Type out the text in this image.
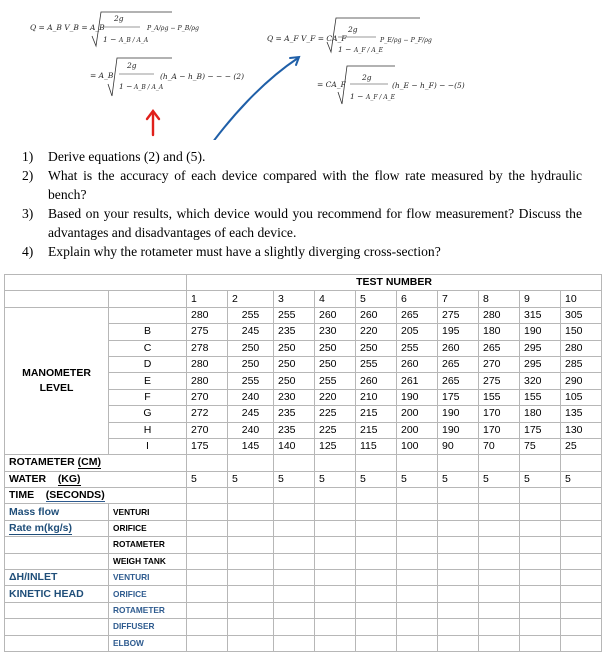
Q = A_B V_B = A_B
2g
1 − A_B / A_A
P_A/ρg − P_B/ρg
= A_B
2g
1 − A_B / A_A
(h_A − h_B) − − − (2)
Q = A_F V_F = CA_F
2g
1 − A_F / A_E
P_E/ρg − P_F/ρg
= CA_F
2g
1 − A_F / A_E
(h_E − h_F) − −(5)
1)	Derive equations (2) and (5).
2)	What is the accuracy of each device compared with the flow rate measured by the hydraulic bench?
3)	Based on your results, which device would you recommend for flow measurement? Discuss the advantages and disadvantages of each device.
4)	Explain why the rotameter must have a slightly diverging cross-section?
		TEST NUMBER									
		1	2	3	4	5	6	7	8	9	10
MANOMETER
LEVEL		280	255	255	260	260	265	275	280	315	305
	B	275	245	235	230	220	205	195	180	190	150
	C	278	250	250	250	250	255	260	265	295	280
	D	280	250	250	250	255	260	265	270	295	285
	E	280	255	250	255	260	261	265	275	320	290
	F	270	240	230	220	210	190	175	155	155	105
	G	272	245	235	225	215	200	190	170	180	135
	H	270	240	235	225	215	200	190	170	175	130
	I	175	145	140	125	115	100	90	70	75	25
ROTAMETER (CM)											
WATER (KG)		5	5	5	5	5	5	5	5	5	5
TIME (SECONDS)											
Mass flow	VENTURI										
Rate m(kg/s)	ORIFICE										
	ROTAMETER										
	WEIGH TANK										
ΔH/INLET	VENTURI										
KINETIC HEAD	ORIFICE										
	ROTAMETER										
	DIFFUSER										
	ELBOW										
